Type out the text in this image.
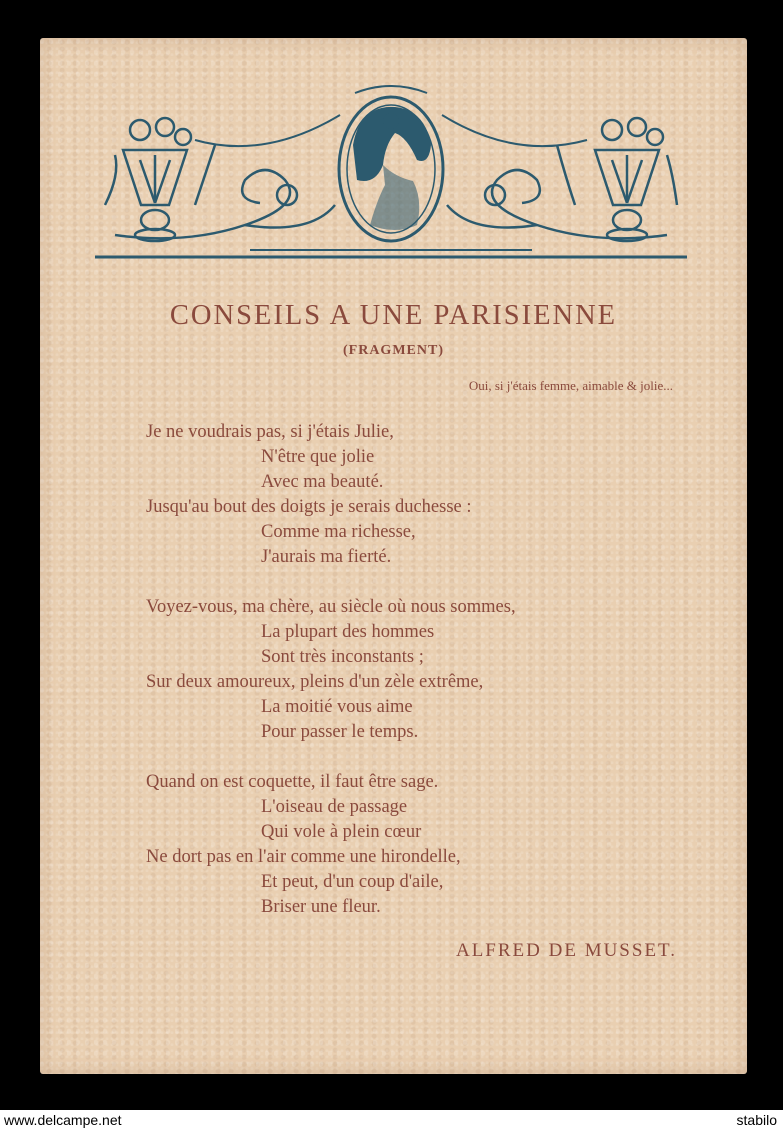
CONSEILS A UNE PARISIENNE
(FRAGMENT)
Oui, si j'étais femme, aimable & jolie...
Je ne voudrais pas, si j'étais Julie,
N'être que jolie
Avec ma beauté.
Jusqu'au bout des doigts je serais duchesse :
Comme ma richesse,
J'aurais ma fierté.
Voyez-vous, ma chère, au siècle où nous sommes,
La plupart des hommes
Sont très inconstants ;
Sur deux amoureux, pleins d'un zèle extrême,
La moitié vous aime
Pour passer le temps.
Quand on est coquette, il faut être sage.
L'oiseau de passage
Qui vole à plein cœur
Ne dort pas en l'air comme une hirondelle,
Et peut, d'un coup d'aile,
Briser une fleur.
ALFRED DE MUSSET.
www.delcampe.net	stabilo
